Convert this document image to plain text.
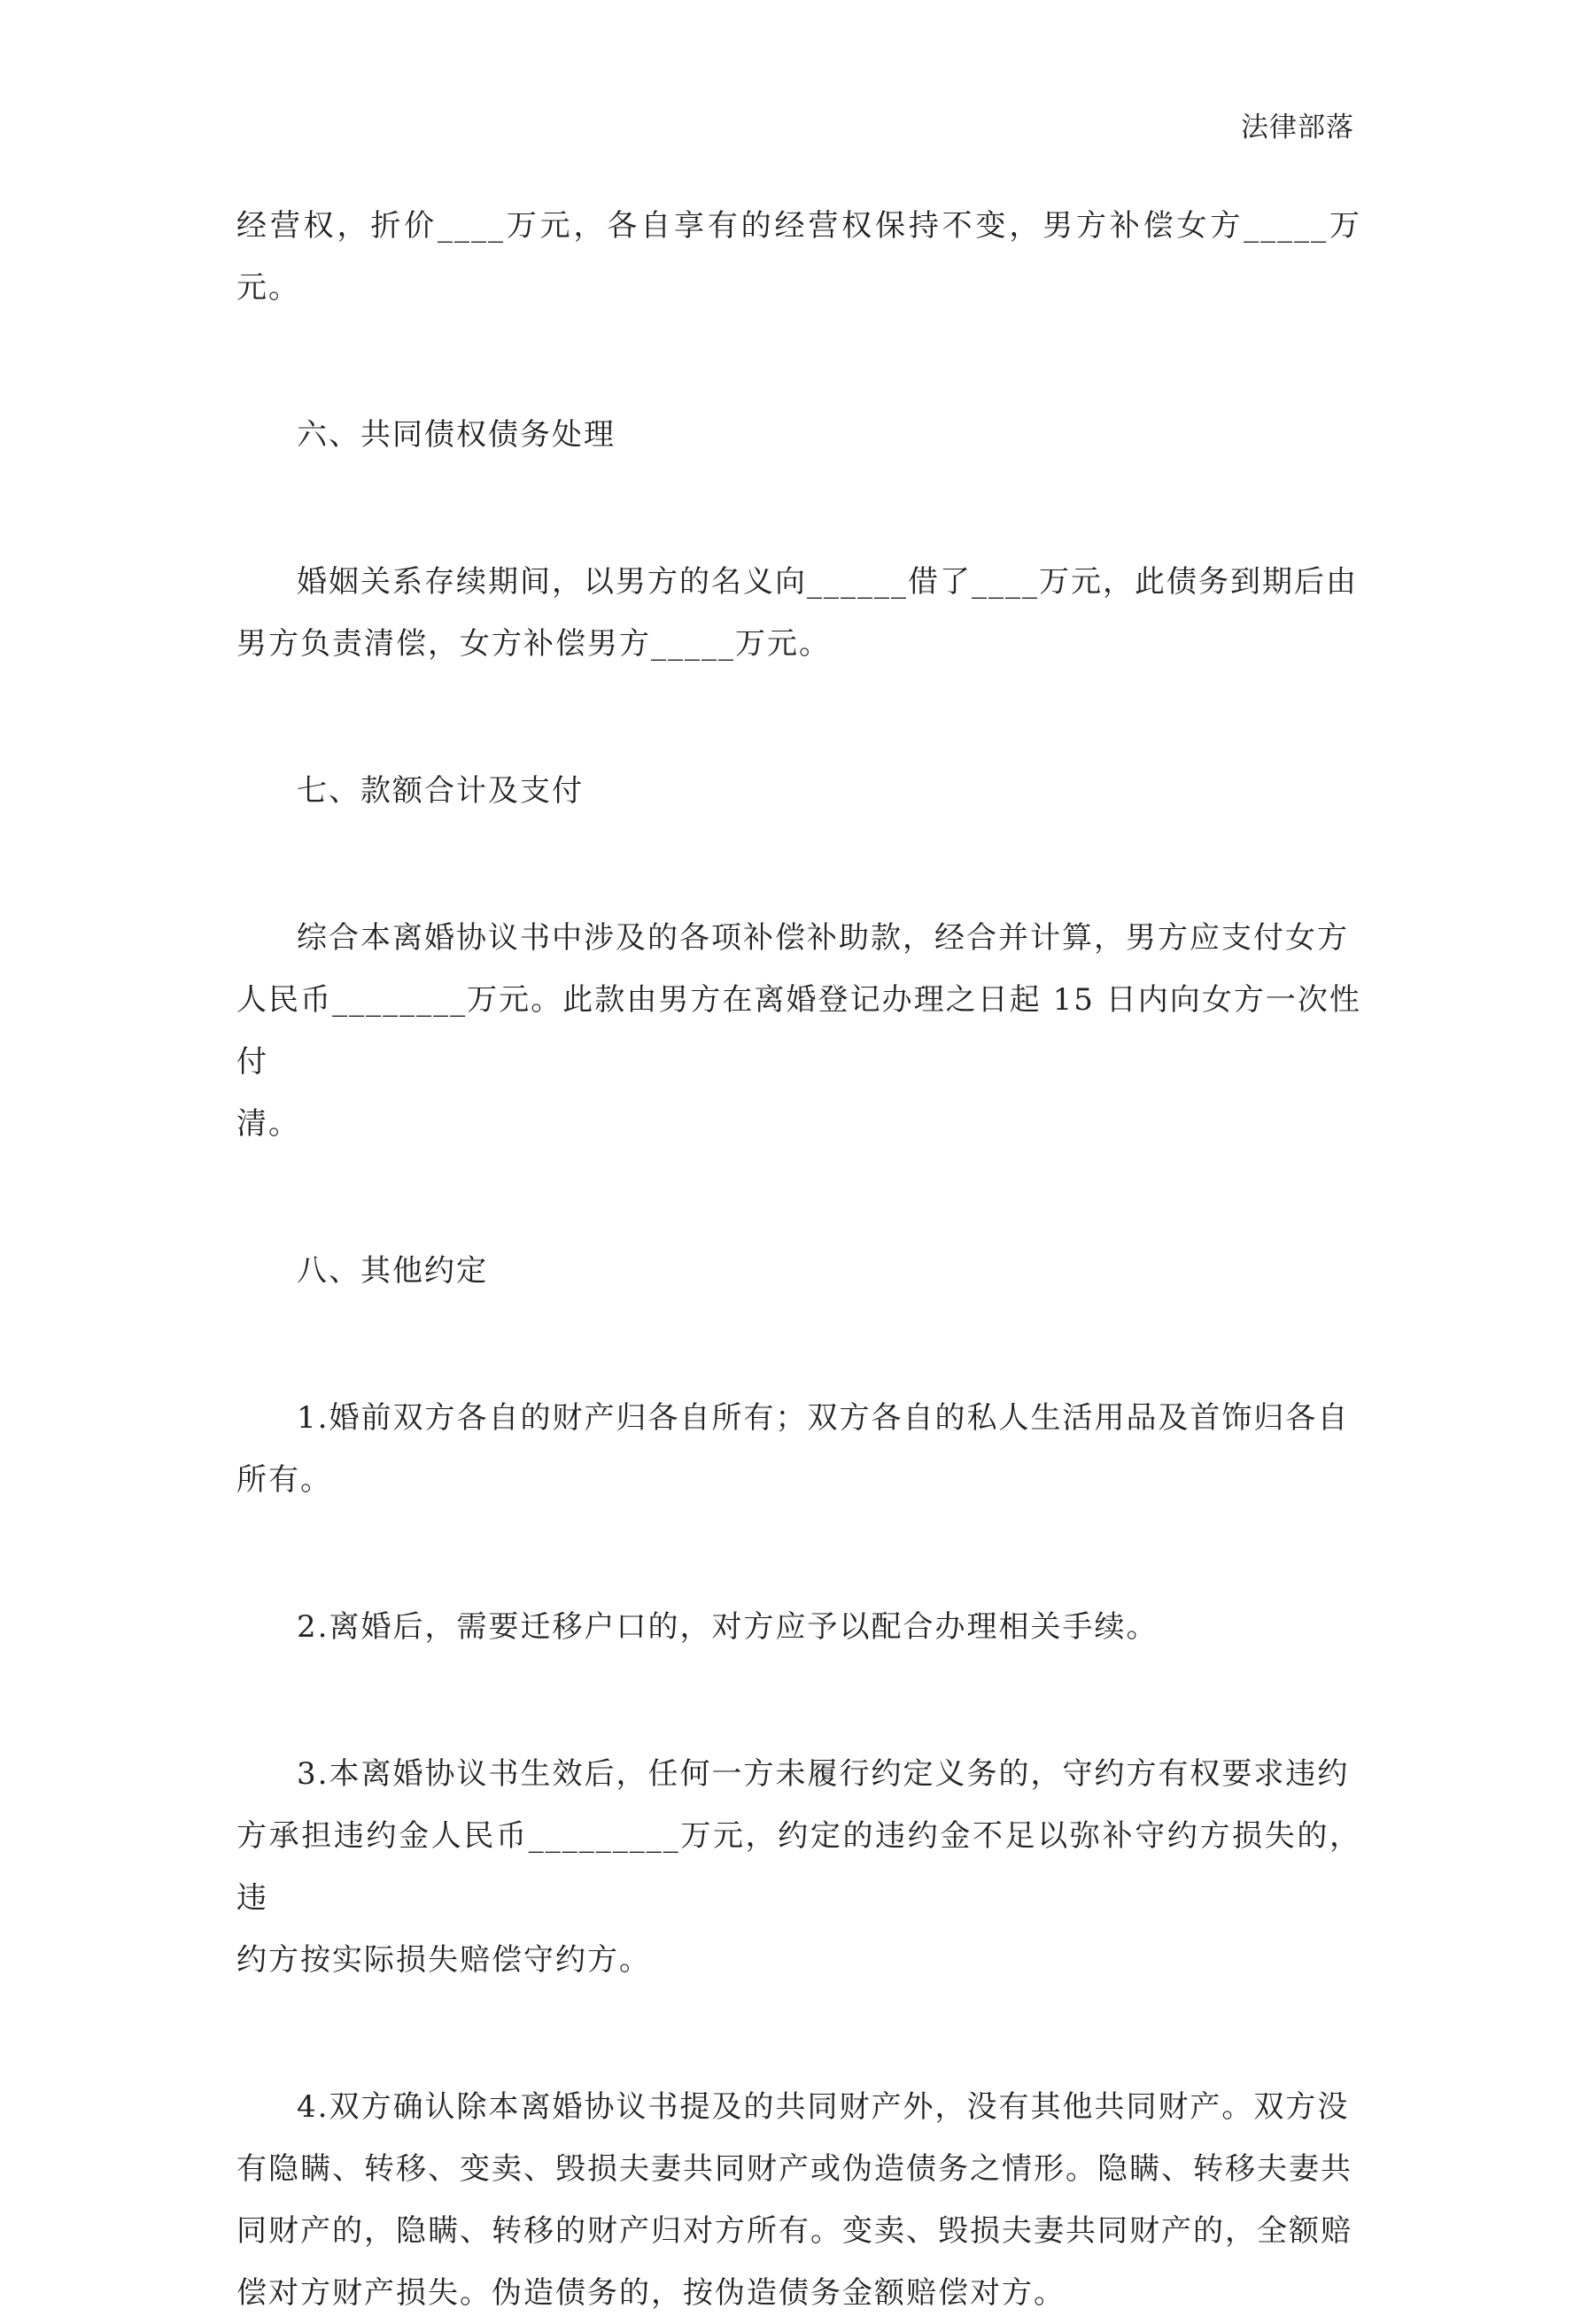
法律部落

经营权，折价____万元，各自享有的经营权保持不变，男方补偿女方_____万元。

六、共同债权债务处理

婚姻关系存续期间，以男方的名义向______借了____万元，此债务到期后由

男方负责清偿，女方补偿男方_____万元。

七、款额合计及支付

综合本离婚协议书中涉及的各项补偿补助款，经合并计算，男方应支付女方

人民币________万元。此款由男方在离婚登记办理之日起 15 日内向女方一次性付

清。

八、其他约定

1.婚前双方各自的财产归各自所有；双方各自的私人生活用品及首饰归各自

所有。

2.离婚后，需要迁移户口的，对方应予以配合办理相关手续。

3.本离婚协议书生效后，任何一方未履行约定义务的，守约方有权要求违约

方承担违约金人民币_________万元，约定的违约金不足以弥补守约方损失的，违

约方按实际损失赔偿守约方。

4.双方确认除本离婚协议书提及的共同财产外，没有其他共同财产。双方没

有隐瞒、转移、变卖、毁损夫妻共同财产或伪造债务之情形。隐瞒、转移夫妻共

同财产的，隐瞒、转移的财产归对方所有。变卖、毁损夫妻共同财产的，全额赔

偿对方财产损失。伪造债务的，按伪造债务金额赔偿对方。
